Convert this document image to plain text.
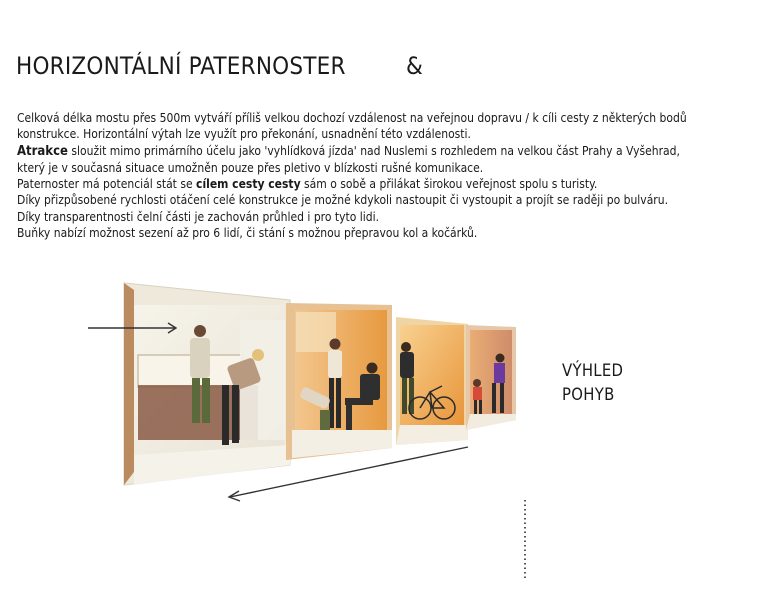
HORIZONTÁLNÍ PATERNOSTER	&

Celková délka mostu přes 500m vytváří příliš velkou dochozí vzdálenost na veřejnou dopravu / k cíli cesty z některých bodů konstrukce. Horizontální výtah lze využít pro překonání, usnadnění této vzdálenosti.

Atrakce sloužit mimo primárního účelu jako 'vyhlídková jízda' nad Nuslemi s rozhledem na velkou část Prahy a Vyšehrad, který je v současná situace umožněn pouze přes pletivo v blízkosti rušné komunikace.

Paternoster má potenciál stát se cílem cesty cesty sám o sobě a přilákat širokou veřejnost spolu s turisty.

Díky přizpůsobené rychlosti otáčení celé konstrukce je možné kdykoli nastoupit či vystoupit a projít se raději po bulváru.

Díky transparentnosti čelní části je zachován průhled i pro tyto lidi.

Buňky nabízí možnost sezení až pro 6 lidí, či stání s možnou přepravou kol a kočárků.

VÝHLED
POHYB
